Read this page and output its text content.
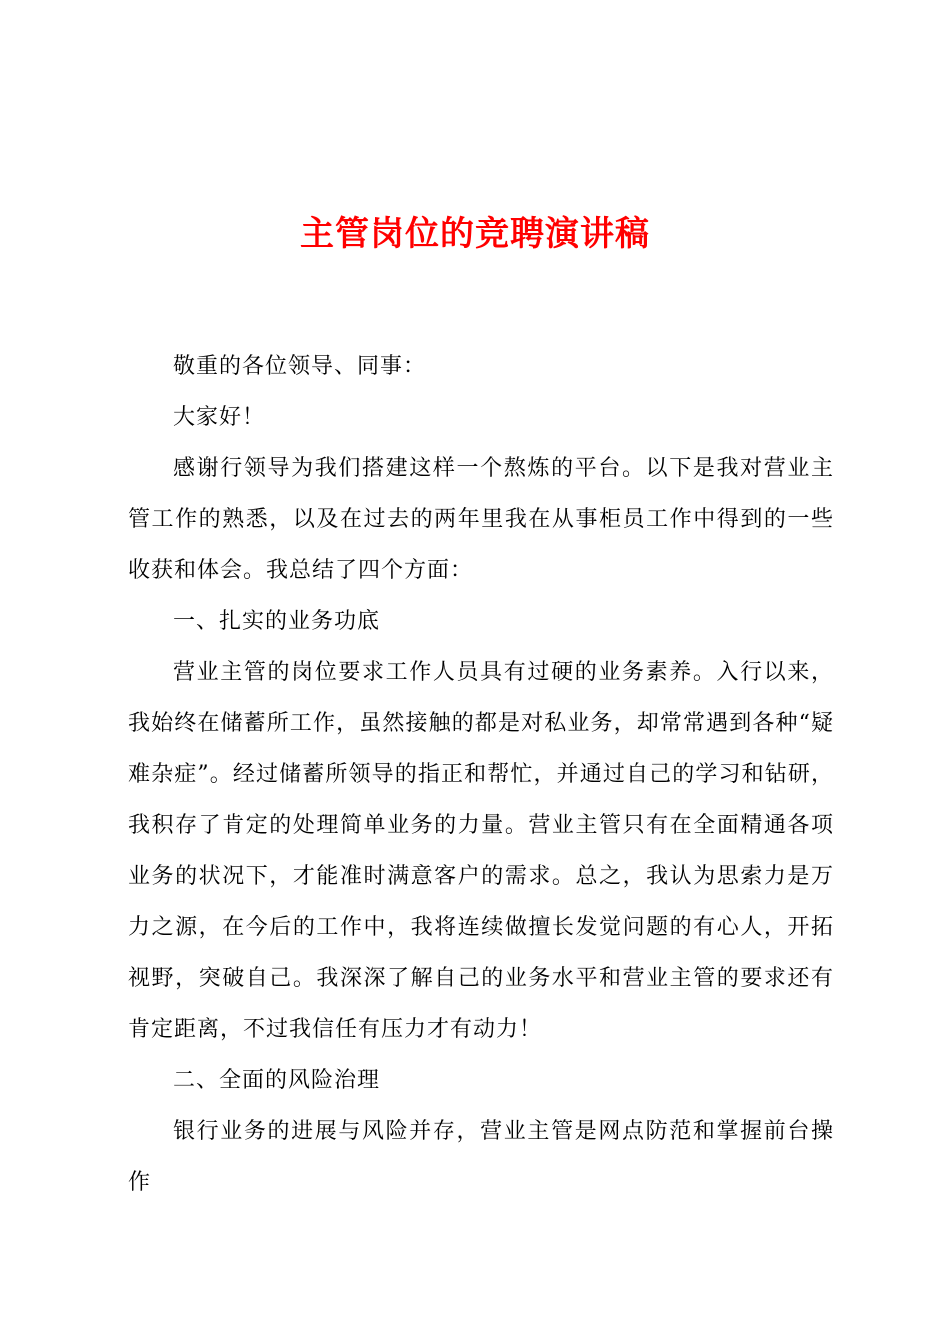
主管岗位的竞聘演讲稿

敬重的各位领导、同事：

大家好！

感谢行领导为我们搭建这样一个熬炼的平台。以下是我对营业主管工作的熟悉，以及在过去的两年里我在从事柜员工作中得到的一些收获和体会。我总结了四个方面：

一、扎实的业务功底

营业主管的岗位要求工作人员具有过硬的业务素养。入行以来，我始终在储蓄所工作，虽然接触的都是对私业务，却常常遇到各种“疑难杂症”。经过储蓄所领导的指正和帮忙，并通过自己的学习和钻研，我积存了肯定的处理简单业务的力量。营业主管只有在全面精通各项业务的状况下，才能准时满意客户的需求。总之，我认为思索力是万力之源，在今后的工作中，我将连续做擅长发觉问题的有心人，开拓视野，突破自己。我深深了解自己的业务水平和营业主管的要求还有肯定距离，不过我信任有压力才有动力！

二、全面的风险治理

银行业务的进展与风险并存，营业主管是网点防范和掌握前台操作
